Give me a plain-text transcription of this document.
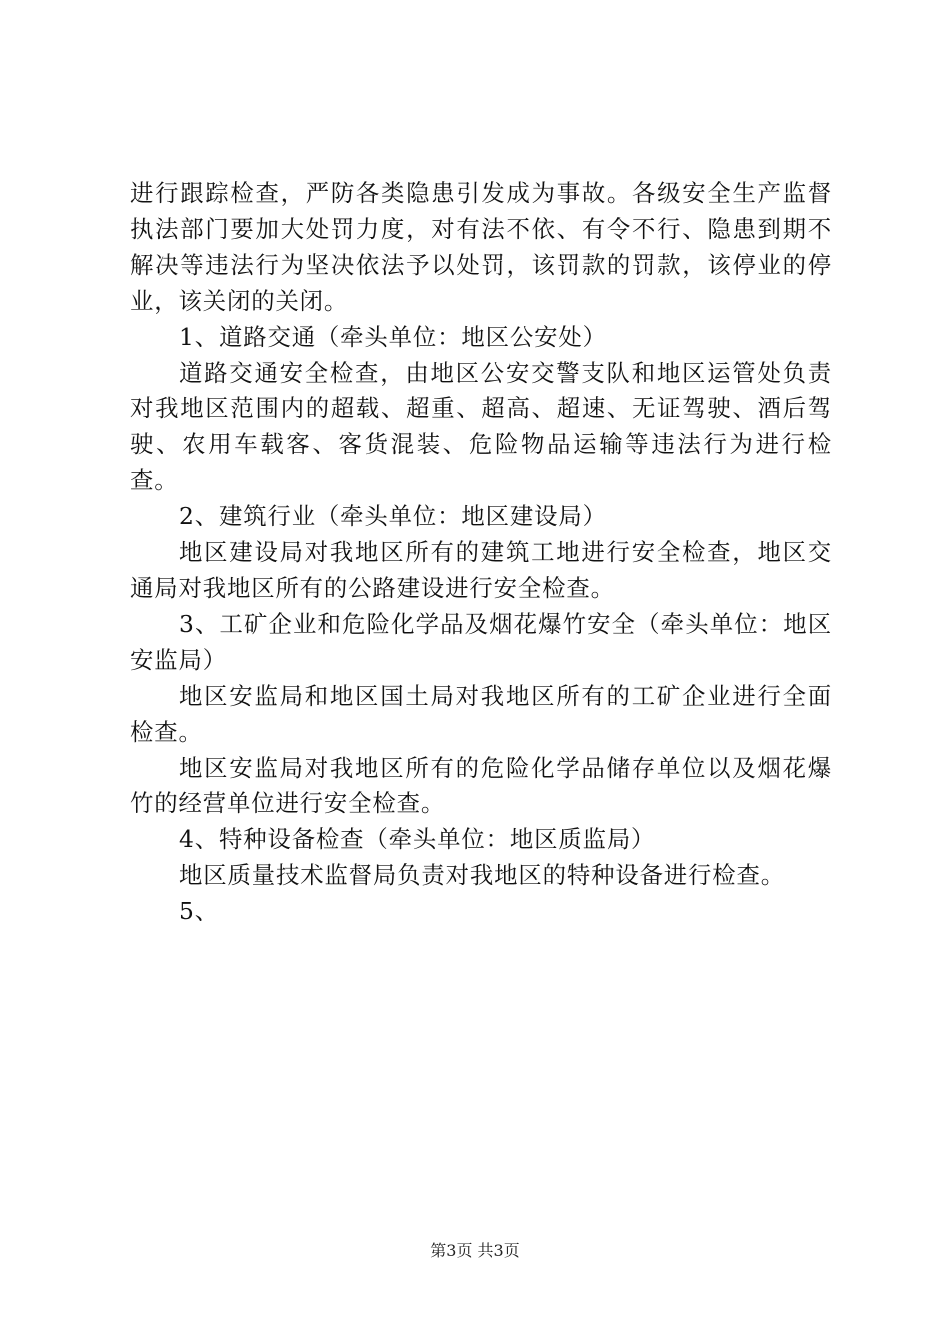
进行跟踪检查，严防各类隐患引发成为事故。各级安全生产监督执法部门要加大处罚力度，对有法不依、有令不行、隐患到期不解决等违法行为坚决依法予以处罚，该罚款的罚款，该停业的停业，该关闭的关闭。

1、道路交通（牵头单位：地区公安处）

道路交通安全检查，由地区公安交警支队和地区运管处负责对我地区范围内的超载、超重、超高、超速、无证驾驶、酒后驾驶、农用车载客、客货混装、危险物品运输等违法行为进行检查。

2、建筑行业（牵头单位：地区建设局）

地区建设局对我地区所有的建筑工地进行安全检查，地区交通局对我地区所有的公路建设进行安全检查。

3、工矿企业和危险化学品及烟花爆竹安全（牵头单位：地区安监局）

地区安监局和地区国土局对我地区所有的工矿企业进行全面检查。

地区安监局对我地区所有的危险化学品储存单位以及烟花爆竹的经营单位进行安全检查。

4、特种设备检查（牵头单位：地区质监局）

地区质量技术监督局负责对我地区的特种设备进行检查。

5、

第3页 共3页
